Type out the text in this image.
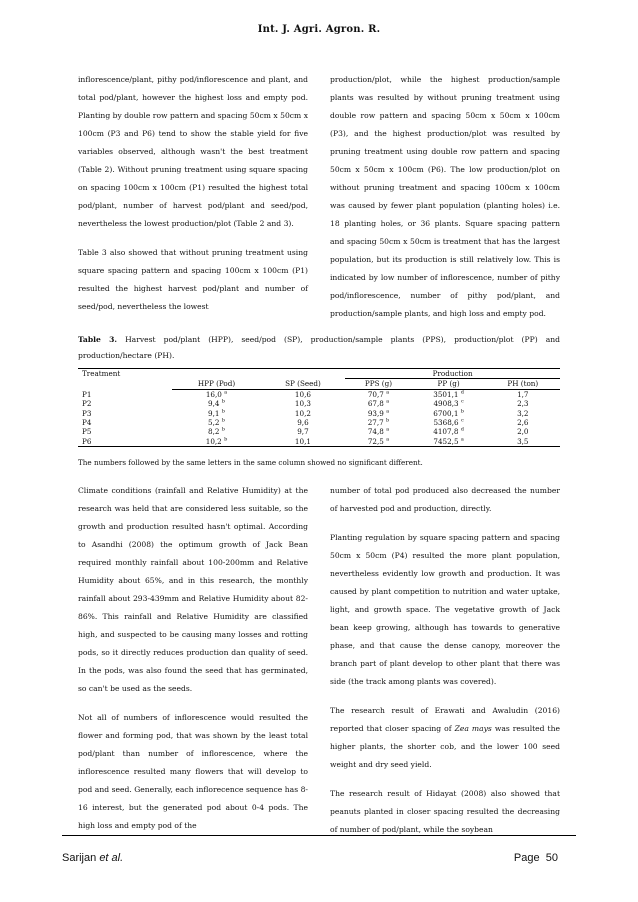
Int. J. Agri. Agron. R.

inflorescence/plant, pithy pod/inflorescence and plant, and total pod/plant, however the highest loss and empty pod. Planting by double row pattern and spacing 50cm x 50cm x 100cm (P3 and P6) tend to show the stable yield for five variables observed, although wasn't the best treatment (Table 2). Without pruning treatment using square spacing on spacing 100cm x 100cm (P1) resulted the highest total pod/plant, number of harvest pod/plant and seed/pod, nevertheless the lowest production/plot (Table 2 and 3).

Table 3 also showed that without pruning treatment using square spacing pattern and spacing 100cm x 100cm (P1) resulted the highest harvest pod/plant and number of seed/pod, nevertheless the lowest

production/plot, while the highest production/sample plants was resulted by without pruning treatment using double row pattern and spacing 50cm x 50cm x 100cm (P3), and the highest production/plot was resulted by pruning treatment using double row pattern and spacing 50cm x 50cm x 100cm (P6). The low production/plot on without pruning treatment and spacing 100cm x 100cm was caused by fewer plant population (planting holes) i.e. 18 planting holes, or 36 plants. Square spacing pattern and spacing 50cm x 50cm is treatment that has the largest population, but its production is still relatively low. This is indicated by low number of inflorescence, number of pithy pod/inflorescence, number of pithy pod/plant, and production/sample plants, and high loss and empty pod.

Table 3. Harvest pod/plant (HPP), seed/pod (SP), production/sample plants (PPS), production/plot (PP) and production/hectare (PH).
Treatment	HPP (Pod)	SP (Seed)	Production		
			PPS (g)	PP (g)	PH (ton)
P1	16,0 $^a$	10,6	70,7 $^a$	3501,1 $^d$	1,7
P2	9,4 $^b$	10,3	67,8 $^a$	4908,3 $^c$	2,3
P3	9,1 $^b$	10,2	93,9 $^a$	6700,1 $^b$	3,2
P4	5,2 $^b$	9,6	27,7 $^b$	5368,6 $^c$	2,6
P5	8,2 $^b$	9,7	74,8 $^a$	4107,8 $^d$	2,0
P6	10,2 $^b$	10,1	72,5 $^a$	7452,5 $^a$	3,5
The numbers followed by the same letters in the same column showed no significant different.

Climate conditions (rainfall and Relative Humidity) at the research was held that are considered less suitable, so the growth and production resulted hasn't optimal. According to Asandhi (2008) the optimum growth of Jack Bean required monthly rainfall about 100-200mm and Relative Humidity about 65%, and in this research, the monthly rainfall about 293-439mm and Relative Humidity about 82-86%. This rainfall and Relative Humidity are classified high, and suspected to be causing many losses and rotting pods, so it directly reduces production dan quality of seed. In the pods, was also found the seed that has germinated, so can't be used as the seeds.

Not all of numbers of inflorescence would resulted the flower and forming pod, that was shown by the least total pod/plant than number of inflorescence, where the inflorescence resulted many flowers that will develop to pod and seed. Generally, each inflorecence sequence has 8-16 interest, but the generated pod about 0-4 pods. The high loss and empty pod of the

number of total pod produced also decreased the number of harvested pod and production, directly.

Planting regulation by square spacing pattern and spacing 50cm x 50cm (P4) resulted the more plant population, nevertheless evidently low growth and production. It was caused by plant competition to nutrition and water uptake, light, and growth space. The vegetative growth of Jack bean keep growing, although has towards to generative phase, and that cause the dense canopy, moreover the branch part of plant develop to other plant that there was side (the track among plants was covered).

The research result of Erawati and Awaludin (2016) reported that closer spacing of Zea mays was resulted the higher plants, the shorter cob, and the lower 100 seed weight and dry seed yield.

The research result of Hidayat (2008) also showed that peanuts planted in closer spacing resulted the decreasing of number of pod/plant, while the soybean

Sarijan et al.	Page 50
